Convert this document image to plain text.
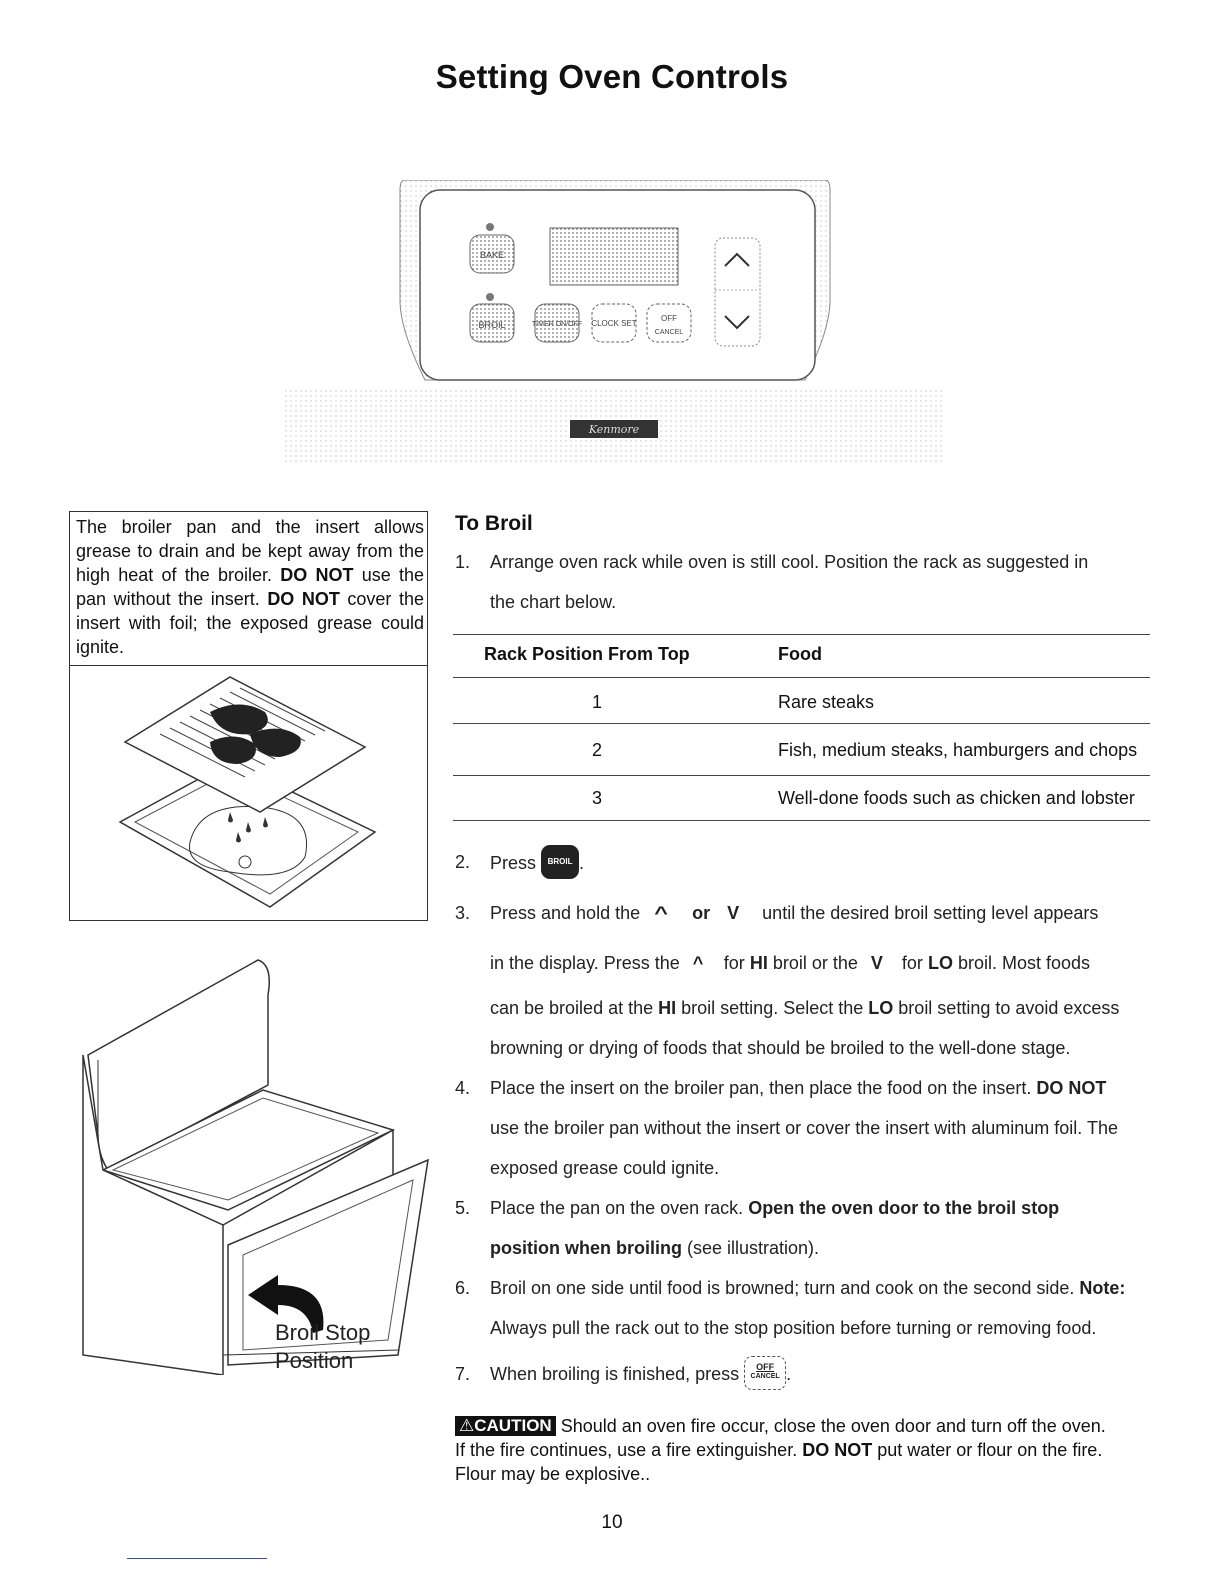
Setting Oven Controls
Kenmore
BAKE
BROIL	TIMER ON/OFF CLOCK SET
OFF
CANCEL
The broiler pan and the insert allows grease to drain and be kept away from the high heat of the broiler. DO NOT use the pan without the insert. DO NOT cover the insert with foil; the exposed grease could ignite.
Broil Stop
Position
To Broil
1. Arrange oven rack while oven is still cool. Position the rack as suggested in
the chart below.
Rack Position From Top	Food
1	Rare steaks
2	Fish, medium steaks, hamburgers and chops
3	Well-done foods such as chicken and lobster
2. Press	BROIL .
3. Press and hold the ^ or V until the desired broil setting level appears
in the display. Press the ^ for HI broil or the V for LO broil. Most foods
can be broiled at the HI broil setting. Select the LO broil setting to avoid excess
browning or drying of foods that should be broiled to the well-done stage.
4. Place the insert on the broiler pan, then place the food on the insert. DO NOT
use the broiler pan without the insert or cover the insert with aluminum foil. The
exposed grease could ignite.
5. Place the pan on the oven rack. Open the oven door to the broil stop
position when broiling (see illustration).
6. Broil on one side until food is browned; turn and cook on the second side. Note:
Always pull the rack out to the stop position before turning or removing food.
7. When broiling is finished, press	OFF
CANCEL .
⚠CAUTION Should an oven fire occur, close the oven door and turn off the oven.
If the fire continues, use a fire extinguisher. DO NOT put water or flour on the fire.
Flour may be explosive..
10
